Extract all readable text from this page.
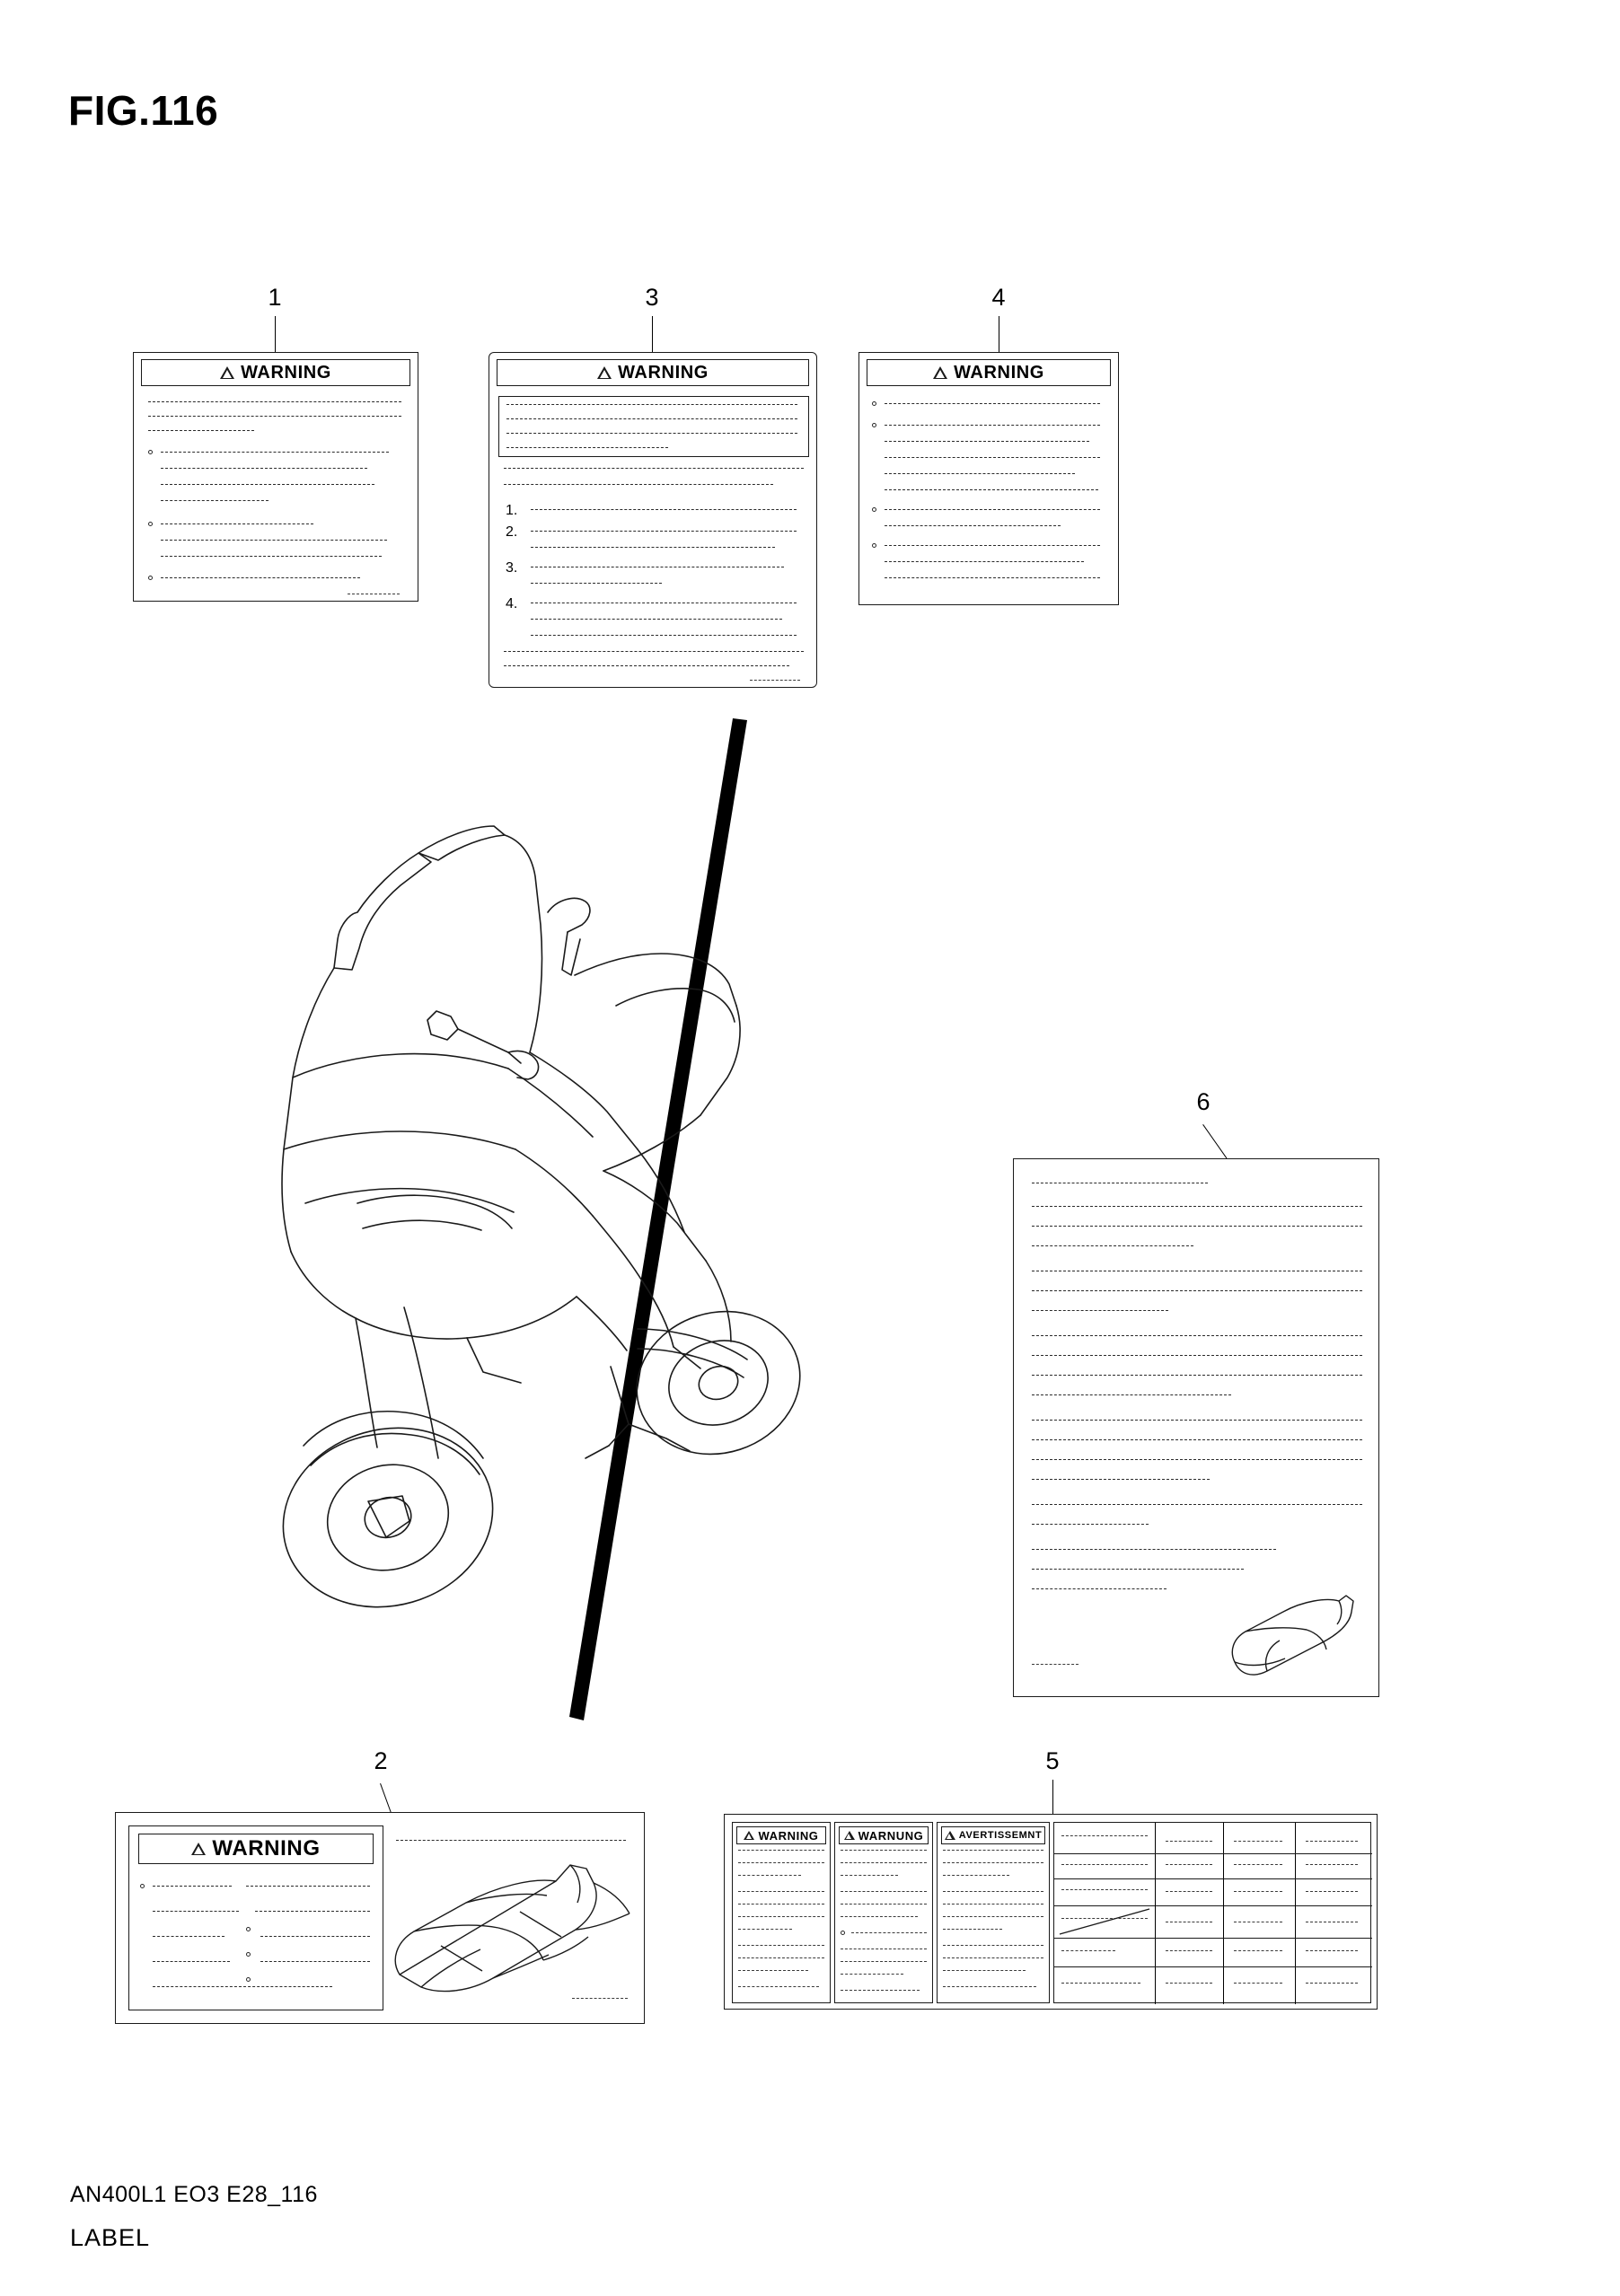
FIG.116
1	3	4
6
2	5
WARNING	WARNING
1.
2.
3.
4.
WARNING
WARNING
WARNING	WARNUNG	AVERTISSEMNT
AN400L1 EO3 E28_116
LABEL
